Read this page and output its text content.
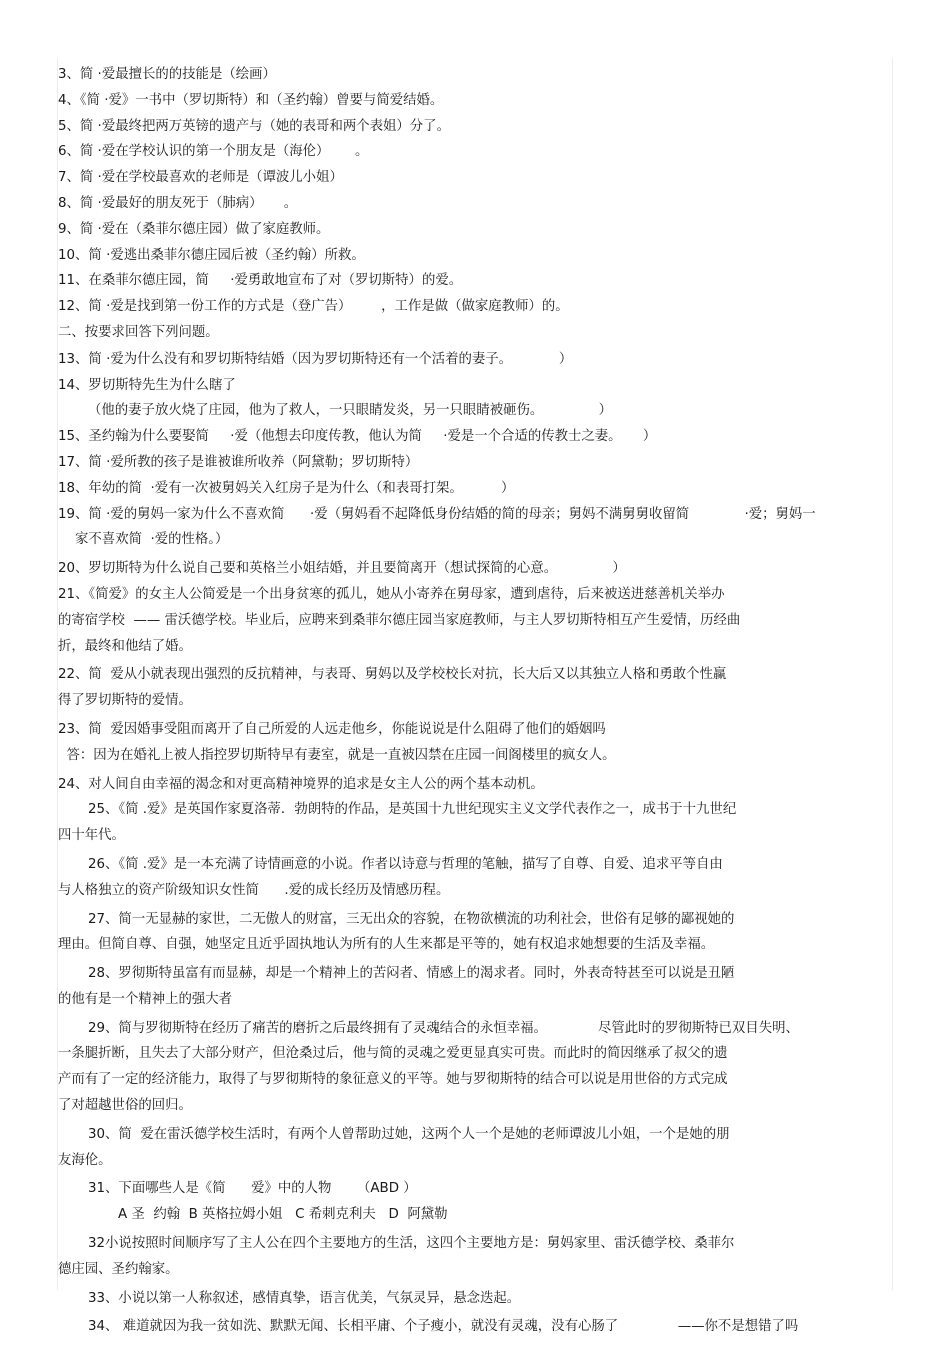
3、简 ·爱最擅长的的技能是（绘画）

4、《简 ·爱》一书中（罗切斯特）和（圣约翰）曾要与简爱结婚。

5、简 ·爱最终把两万英镑的遗产与（她的表哥和两个表姐）分了。

6、简 ·爱在学校认识的第一个朋友是（海伦）      。

7、简 ·爱在学校最喜欢的老师是（谭波儿小姐）

8、简 ·爱最好的朋友死于（肺病）     。

9、简 ·爱在（桑菲尔德庄园）做了家庭教师。

10、简 ·爱逃出桑菲尔德庄园后被（圣约翰）所救。

11、在桑菲尔德庄园，简     ·爱勇敢地宣布了对（罗切斯特）的爱。

12、简 ·爱是找到第一份工作的方式是（登广告）       ，工作是做（做家庭教师）的。

二、按要求回答下列问题。

13、简 ·爱为什么没有和罗切斯特结婚（因为罗切斯特还有一个活着的妻子。           ）

14、罗切斯特先生为什么瞎了

（他的妻子放火烧了庄园，他为了救人，一只眼睛发炎，另一只眼睛被砸伤。             ）

15、圣约翰为什么要娶简     ·爱（他想去印度传教，他认为简     ·爱是一个合适的传教士之妻。     ）

17、简 ·爱所教的孩子是谁被谁所收养（阿黛勒；罗切斯特）

18、年幼的简  ·爱有一次被舅妈关入红房子是为什么（和表哥打架。         ）

19、简 ·爱的舅妈一家为什么不喜欢简      ·爱（舅妈看不起降低身份结婚的简的母亲；舅妈不满舅舅收留简             ·爱；舅妈一

家不喜欢简  ·爱的性格。）

20、罗切斯特为什么说自己要和英格兰小姐结婚，并且要简离开（想试探简的心意。             ）

21、《简爱》的女主人公简爱是一个出身贫寒的孤儿，她从小寄养在舅母家，遭到虐待，后来被送进慈善机关举办

的寄宿学校  —— 雷沃德学校。毕业后，应聘来到桑菲尔德庄园当家庭教师，与主人罗切斯特相互产生爱情，历经曲

折，最终和他结了婚。

22、简  爱从小就表现出强烈的反抗精神，与表哥、舅妈以及学校校长对抗，长大后又以其独立人格和勇敢个性赢

得了罗切斯特的爱情。

23、简  爱因婚事受阻而离开了自己所爱的人远走他乡，你能说说是什么阻碍了他们的婚姻吗

答：因为在婚礼上被人指控罗切斯特早有妻室，就是一直被囚禁在庄园一间阁楼里的疯女人。

24、对人间自由幸福的渴念和对更高精神境界的追求是女主人公的两个基本动机。

25、《简 .爱》是英国作家夏洛蒂．勃朗特的作品，是英国十九世纪现实主义文学代表作之一，成书于十九世纪

四十年代。

26、《简 .爱》是一本充满了诗情画意的小说。作者以诗意与哲理的笔触，描写了自尊、自爱、追求平等自由

与人格独立的资产阶级知识女性简      .爱的成长经历及情感历程。

27、简一无显赫的家世，二无傲人的财富，三无出众的容貌，在物欲横流的功利社会，世俗有足够的鄙视她的

理由。但简自尊、自强，她坚定且近乎固执地认为所有的人生来都是平等的，她有权追求她想要的生活及幸福。

28、罗彻斯特虽富有而显赫，却是一个精神上的苦闷者、情感上的渴求者。同时，外表奇特甚至可以说是丑陋

的他有是一个精神上的强大者

29、简与罗彻斯特在经历了痛苦的磨折之后最终拥有了灵魂结合的永恒幸福。            尽管此时的罗彻斯特已双目失明、

一条腿折断，且失去了大部分财产，但沧桑过后，他与简的灵魂之爱更显真实可贵。而此时的简因继承了叔父的遗

产而有了一定的经济能力，取得了与罗彻斯特的象征意义的平等。她与罗彻斯特的结合可以说是用世俗的方式完成

了对超越世俗的回归。

30、简  爱在雷沃德学校生活时，有两个人曾帮助过她，这两个人一个是她的老师谭波儿小姐，一个是她的朋

友海伦。

31、下面哪些人是《简      爱》中的人物      （ABD ）

A 圣  约翰  B 英格拉姆小姐   C 希刺克利夫   D  阿黛勒

32小说按照时间顺序写了主人公在四个主要地方的生活，这四个主要地方是：舅妈家里、雷沃德学校、桑菲尔

德庄园、圣约翰家。

33、小说以第一人称叙述，感情真挚，语言优美，气氛灵异，悬念迭起。

34、 难道就因为我一贫如洗、默默无闻、长相平庸、个子瘦小，就没有灵魂，没有心肠了              ——你不是想错了吗
